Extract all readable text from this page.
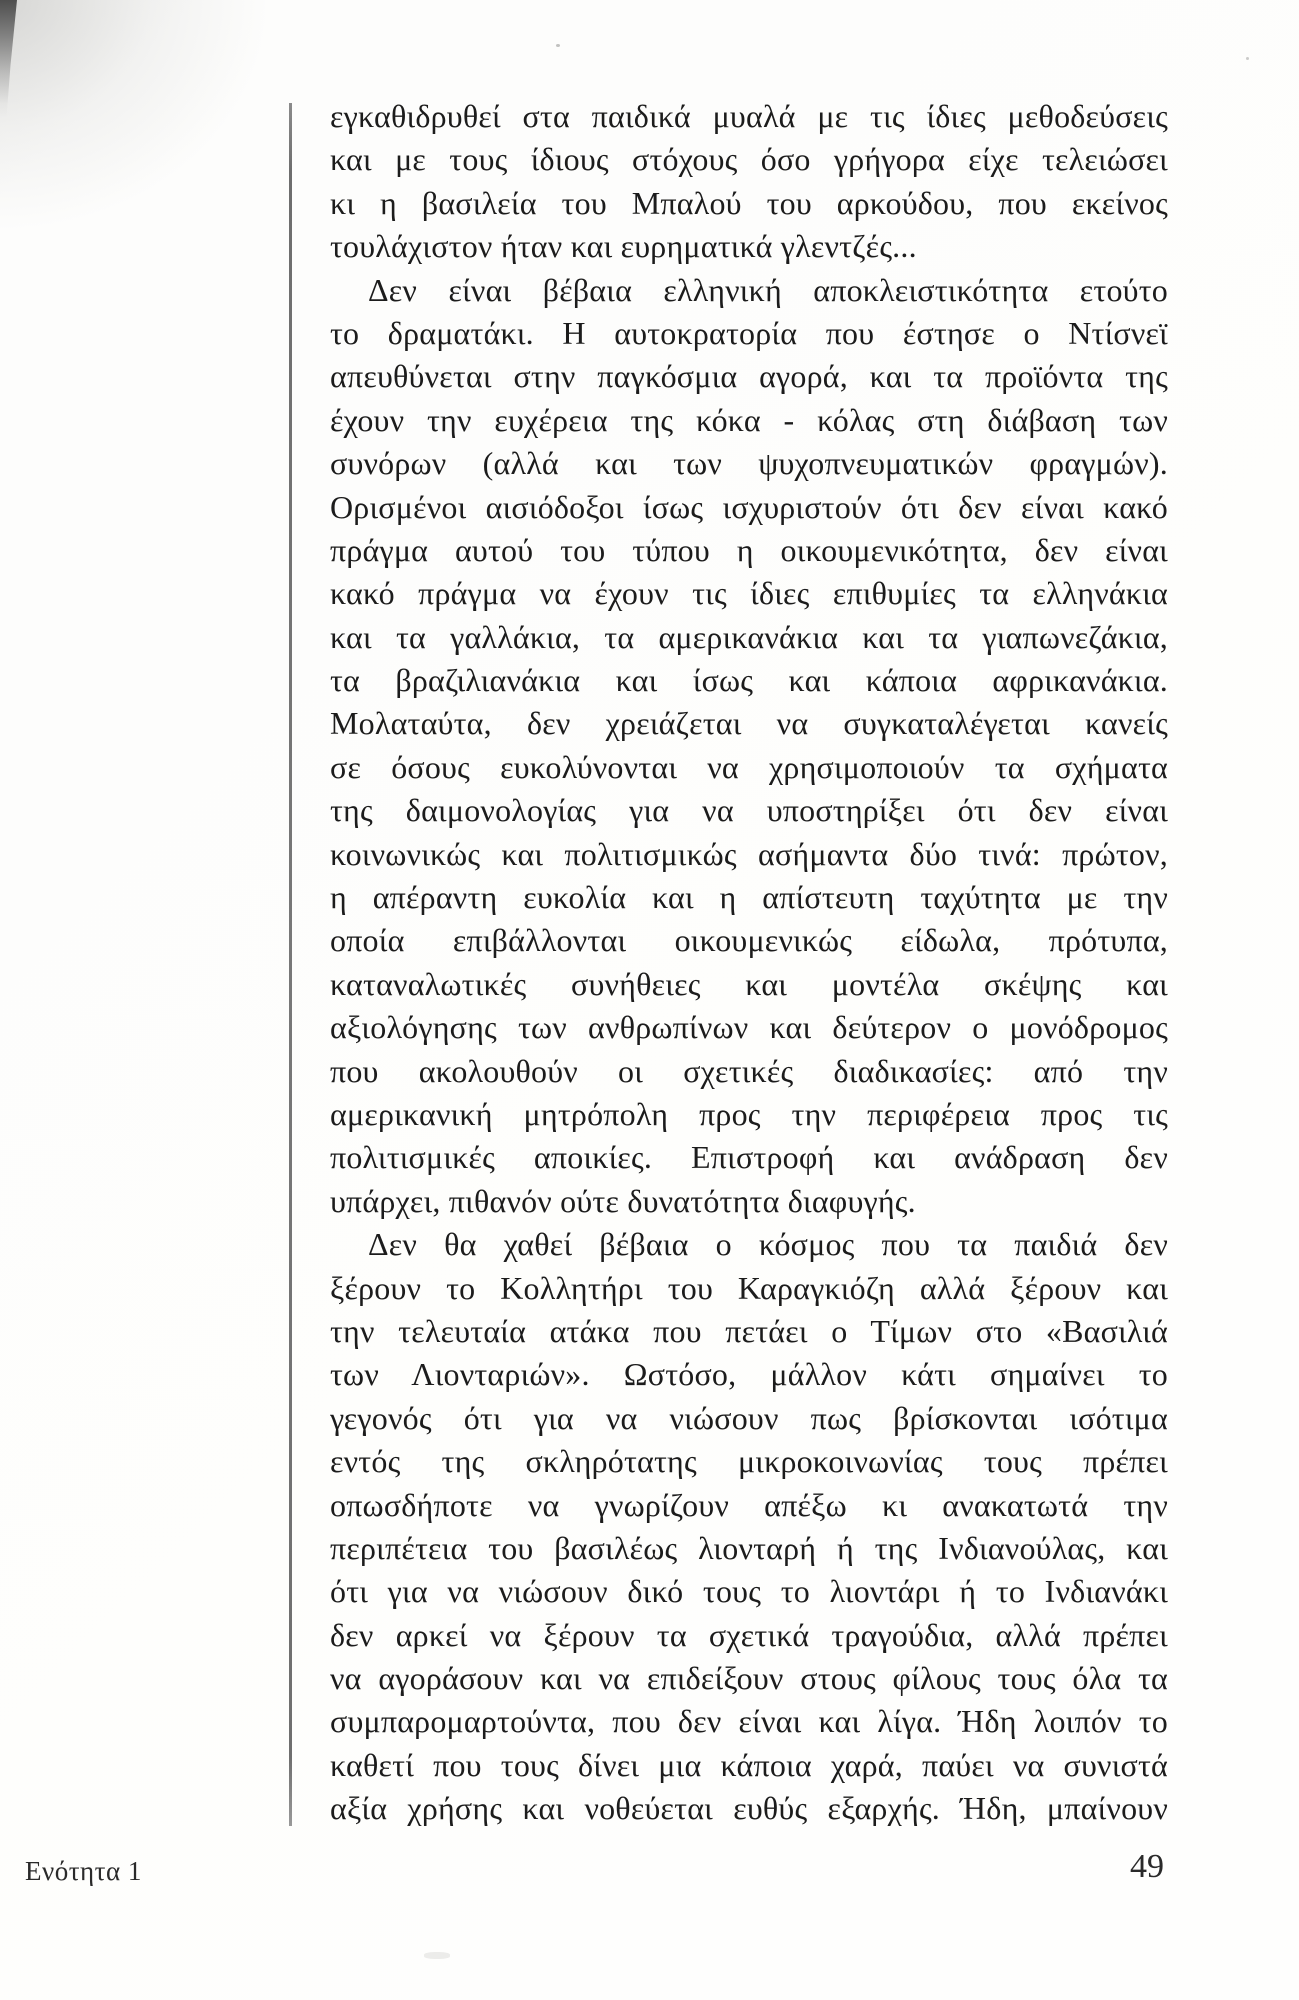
εγκαθιδρυθεί στα παιδικά μυαλά με τις ίδιες μεθοδεύσεις
και με τους ίδιους στόχους όσο γρήγορα είχε τελειώσει
κι η βασιλεία του Μπαλού του αρκούδου, που εκείνος
τουλάχιστον ήταν και ευρηματικά γλεντζές...
Δεν είναι βέβαια ελληνική αποκλειστικότητα ετούτο
το δραματάκι. Η αυτοκρατορία που έστησε ο Ντίσνεϊ
απευθύνεται στην παγκόσμια αγορά, και τα προϊόντα της
έχουν την ευχέρεια της κόκα - κόλας στη διάβαση των
συνόρων (αλλά και των ψυχοπνευματικών φραγμών).
Ορισμένοι αισιόδοξοι ίσως ισχυριστούν ότι δεν είναι κακό
πράγμα αυτού του τύπου η οικουμενικότητα, δεν είναι
κακό πράγμα να έχουν τις ίδιες επιθυμίες τα ελληνάκια
και τα γαλλάκια, τα αμερικανάκια και τα γιαπωνεζάκια,
τα βραζιλιανάκια και ίσως και κάποια αφρικανάκια.
Μολαταύτα, δεν χρειάζεται να συγκαταλέγεται κανείς
σε όσους ευκολύνονται να χρησιμοποιούν τα σχήματα
της δαιμονολογίας για να υποστηρίξει ότι δεν είναι
κοινωνικώς και πολιτισμικώς ασήμαντα δύο τινά: πρώτον,
η απέραντη ευκολία και η απίστευτη ταχύτητα με την
οποία επιβάλλονται οικουμενικώς είδωλα, πρότυπα,
καταναλωτικές συνήθειες και μοντέλα σκέψης και
αξιολόγησης των ανθρωπίνων και δεύτερον ο μονόδρομος
που ακολουθούν οι σχετικές διαδικασίες: από την
αμερικανική μητρόπολη προς την περιφέρεια προς τις
πολιτισμικές αποικίες. Επιστροφή και ανάδραση δεν
υπάρχει, πιθανόν ούτε δυνατότητα διαφυγής.
Δεν θα χαθεί βέβαια ο κόσμος που τα παιδιά δεν
ξέρουν το Κολλητήρι του Καραγκιόζη αλλά ξέρουν και
την τελευταία ατάκα που πετάει ο Τίμων στο «Βασιλιά
των Λιονταριών». Ωστόσο, μάλλον κάτι σημαίνει το
γεγονός ότι για να νιώσουν πως βρίσκονται ισότιμα
εντός της σκληρότατης μικροκοινωνίας τους πρέπει
οπωσδήποτε να γνωρίζουν απέξω κι ανακατωτά την
περιπέτεια του βασιλέως λιονταρή ή της Ινδιανούλας, και
ότι για να νιώσουν δικό τους το λιοντάρι ή το Ινδιανάκι
δεν αρκεί να ξέρουν τα σχετικά τραγούδια, αλλά πρέπει
να αγοράσουν και να επιδείξουν στους φίλους τους όλα τα
συμπαρομαρτούντα, που δεν είναι και λίγα. Ήδη λοιπόν το
καθετί που τους δίνει μια κάποια χαρά, παύει να συνιστά
αξία χρήσης και νοθεύεται ευθύς εξαρχής. Ήδη, μπαίνουν
Ενότητα 1	49
